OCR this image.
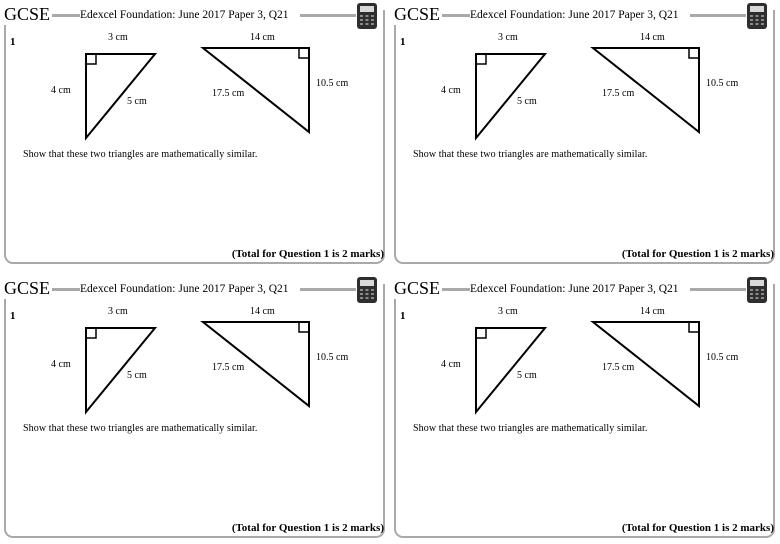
GCSE	Edexcel Foundation: June 2017 Paper 3, Q21
1	3 cm
4 cm
5 cm
14 cm
10.5 cm
17.5 cm
Show that these two triangles are mathematically similar.
(Total for Question 1 is 2 marks)
GCSE	Edexcel Foundation: June 2017 Paper 3, Q21
1	3 cm
4 cm
5 cm
14 cm
10.5 cm
17.5 cm
Show that these two triangles are mathematically similar.
(Total for Question 1 is 2 marks)
GCSE	Edexcel Foundation: June 2017 Paper 3, Q21
1	3 cm
4 cm
5 cm
14 cm
10.5 cm
17.5 cm
Show that these two triangles are mathematically similar.
(Total for Question 1 is 2 marks)
GCSE	Edexcel Foundation: June 2017 Paper 3, Q21
1	3 cm
4 cm
5 cm
14 cm
10.5 cm
17.5 cm
Show that these two triangles are mathematically similar.
(Total for Question 1 is 2 marks)
